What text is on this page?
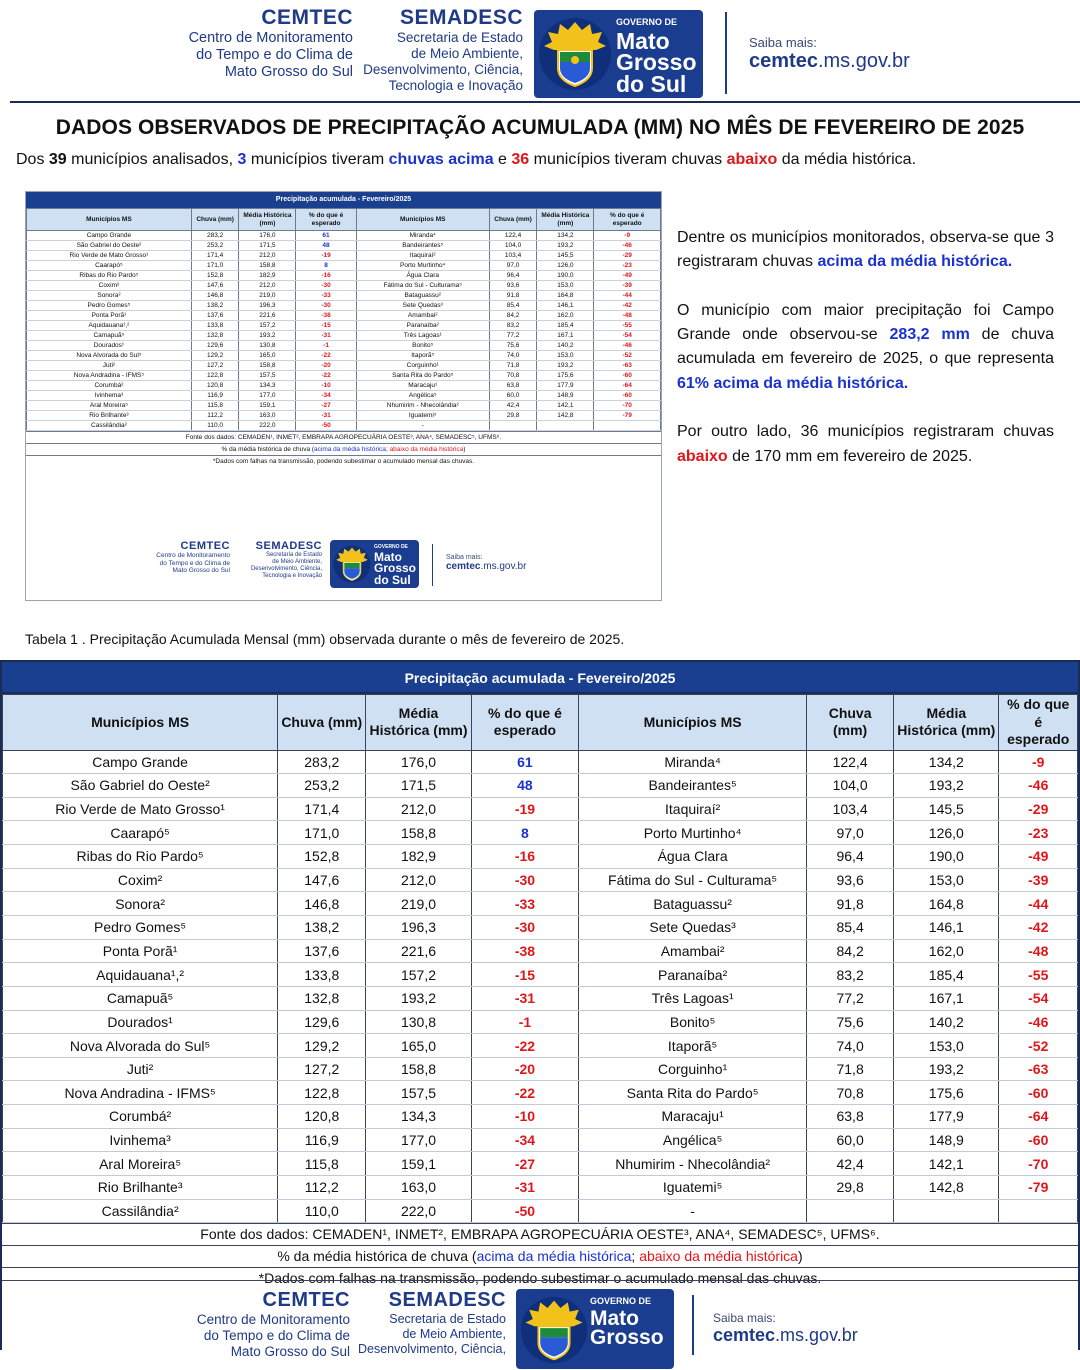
CEMTEC
Centro de Monitoramento
do Tempo e do Clima de
Mato Grosso do Sul
SEMADESC
Secretaria de Estado
de Meio Ambiente,
Desenvolvimento, Ciência,
Tecnologia e Inovação
GOVERNO DE
Mato
Grosso
do Sul
Saiba mais:
cemtec.ms.gov.br
DADOS OBSERVADOS DE PRECIPITAÇÃO ACUMULADA (MM) NO MÊS DE FEVEREIRO DE 2025
Dos 39 municípios analisados, 3 municípios tiveram chuvas acima e 36 municípios tiveram chuvas abaixo da média histórica.
Precipitação acumulada - Fevereiro/2025
Municípios MS	Chuva (mm)	Média Histórica (mm)	% do que é esperado	Municípios MS	Chuva (mm)	Média Histórica (mm)	% do que é esperado
Campo Grande	283,2	176,0	61	Miranda⁴	122,4	134,2	-9
São Gabriel do Oeste²	253,2	171,5	48	Bandeirantes⁵	104,0	193,2	-46
Rio Verde de Mato Grosso¹	171,4	212,0	-19	Itaquiraí²	103,4	145,5	-29
Caarapó⁵	171,0	158,8	8	Porto Murtinho⁴	97,0	126,0	-23
Ribas do Rio Pardo⁵	152,8	182,9	-16	Água Clara	96,4	190,0	-49
Coxim²	147,6	212,0	-30	Fátima do Sul - Culturama⁵	93,6	153,0	-39
Sonora²	146,8	219,0	-33	Bataguassu²	91,8	164,8	-44
Pedro Gomes⁵	138,2	196,3	-30	Sete Quedas³	85,4	146,1	-42
Ponta Porã¹	137,6	221,6	-38	Amambai²	84,2	162,0	-48
Aquidauana¹,²	133,8	157,2	-15	Paranaíba²	83,2	185,4	-55
Camapuã⁵	132,8	193,2	-31	Três Lagoas¹	77,2	167,1	-54
Dourados¹	129,6	130,8	-1	Bonito⁵	75,6	140,2	-46
Nova Alvorada do Sul⁵	129,2	165,0	-22	Itaporã⁵	74,0	153,0	-52
Juti²	127,2	158,8	-20	Corguinho¹	71,8	193,2	-63
Nova Andradina - IFMS⁵	122,8	157,5	-22	Santa Rita do Pardo⁵	70,8	175,6	-60
Corumbá²	120,8	134,3	-10	Maracaju¹	63,8	177,9	-64
Ivinhema³	116,9	177,0	-34	Angélica⁵	60,0	148,9	-60
Aral Moreira⁵	115,8	159,1	-27	Nhumirim - Nhecolândia²	42,4	142,1	-70
Rio Brilhante³	112,2	163,0	-31	Iguatemi⁵	29,8	142,8	-79
Cassilândia²	110,0	222,0	-50	-			
Fonte dos dados: CEMADEN¹, INMET², EMBRAPA AGROPECUÁRIA OESTE³, ANA⁴, SEMADESC⁵, UFMS⁶.
% da média histórica de chuva (acima da média histórica; abaixo da média histórica)
*Dados com falhas na transmissão, podendo subestimar o acumulado mensal das chuvas.
CEMTEC
Centro de Monitoramento
do Tempo e do Clima de
Mato Grosso do Sul
SEMADESC
Secretaria de Estado
de Meio Ambiente,
Desenvolvimento, Ciência,
Tecnologia e Inovação
GOVERNO DE
Mato
Grosso
do Sul
Saiba mais:
cemtec.ms.gov.br

Dentre os municípios monitorados, observa-se que 3 registraram chuvas acima da média histórica.

O município com maior precipitação foi Campo Grande onde observou-se 283,2 mm de chuva acumulada em fevereiro de 2025, o que representa 61% acima da média histórica.

Por outro lado, 36 municípios registraram chuvas abaixo de 170 mm em fevereiro de 2025.

Tabela 1 . Precipitação Acumulada Mensal (mm) observada durante o mês de fevereiro de 2025.
Precipitação acumulada - Fevereiro/2025
Municípios MS	Chuva (mm)	Média Histórica (mm)	% do que é esperado	Municípios MS	Chuva (mm)	Média Histórica (mm)	% do que é esperado
Campo Grande	283,2	176,0	61	Miranda⁴	122,4	134,2	-9
São Gabriel do Oeste²	253,2	171,5	48	Bandeirantes⁵	104,0	193,2	-46
Rio Verde de Mato Grosso¹	171,4	212,0	-19	Itaquiraí²	103,4	145,5	-29
Caarapó⁵	171,0	158,8	8	Porto Murtinho⁴	97,0	126,0	-23
Ribas do Rio Pardo⁵	152,8	182,9	-16	Água Clara	96,4	190,0	-49
Coxim²	147,6	212,0	-30	Fátima do Sul - Culturama⁵	93,6	153,0	-39
Sonora²	146,8	219,0	-33	Bataguassu²	91,8	164,8	-44
Pedro Gomes⁵	138,2	196,3	-30	Sete Quedas³	85,4	146,1	-42
Ponta Porã¹	137,6	221,6	-38	Amambai²	84,2	162,0	-48
Aquidauana¹,²	133,8	157,2	-15	Paranaíba²	83,2	185,4	-55
Camapuã⁵	132,8	193,2	-31	Três Lagoas¹	77,2	167,1	-54
Dourados¹	129,6	130,8	-1	Bonito⁵	75,6	140,2	-46
Nova Alvorada do Sul⁵	129,2	165,0	-22	Itaporã⁵	74,0	153,0	-52
Juti²	127,2	158,8	-20	Corguinho¹	71,8	193,2	-63
Nova Andradina - IFMS⁵	122,8	157,5	-22	Santa Rita do Pardo⁵	70,8	175,6	-60
Corumbá²	120,8	134,3	-10	Maracaju¹	63,8	177,9	-64
Ivinhema³	116,9	177,0	-34	Angélica⁵	60,0	148,9	-60
Aral Moreira⁵	115,8	159,1	-27	Nhumirim - Nhecolândia²	42,4	142,1	-70
Rio Brilhante³	112,2	163,0	-31	Iguatemi⁵	29,8	142,8	-79
Cassilândia²	110,0	222,0	-50	-			
Fonte dos dados: CEMADEN¹, INMET², EMBRAPA AGROPECUÁRIA OESTE³, ANA⁴, SEMADESC⁵, UFMS⁶.
% da média histórica de chuva (acima da média histórica; abaixo da média histórica)
*Dados com falhas na transmissão, podendo subestimar o acumulado mensal das chuvas.
CEMTEC
Centro de Monitoramento
do Tempo e do Clima de
Mato Grosso do Sul
SEMADESC
Secretaria de Estado
de Meio Ambiente,
Desenvolvimento, Ciência,
GOVERNO DE
Mato
Grosso
Saiba mais:
cemtec.ms.gov.br
